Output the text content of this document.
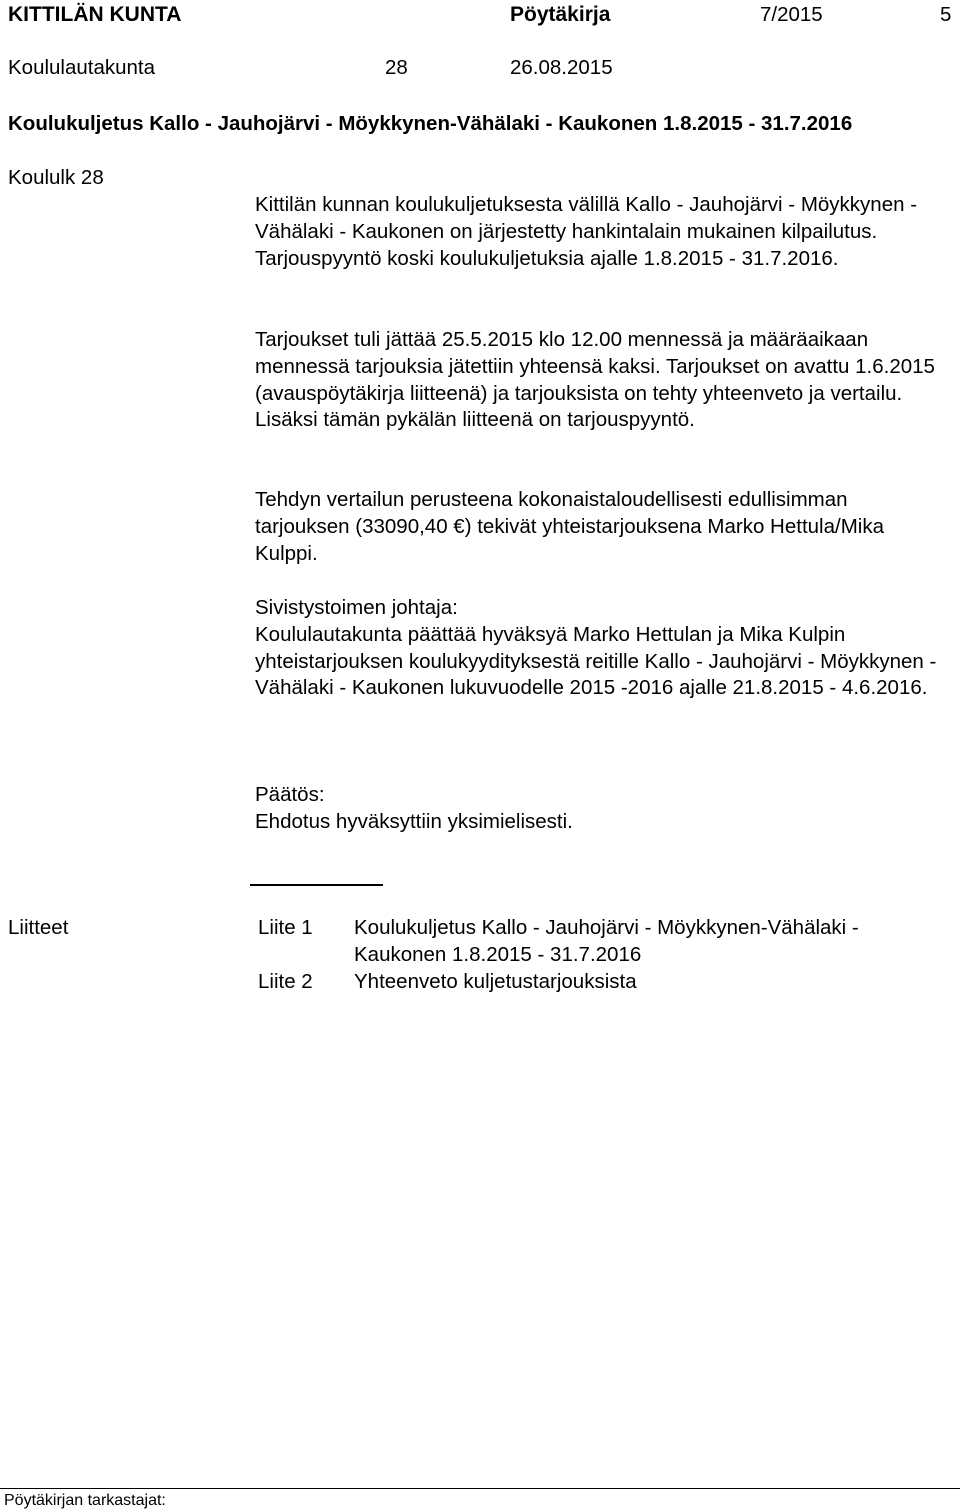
KITTILÄN KUNTA	Pöytäkirja	7/2015	5
Koululautakunta	28	26.08.2015
Koulukuljetus Kallo - Jauhojärvi - Möykkynen-Vähälaki - Kaukonen 1.8.2015 - 31.7.2016
Koululk 28

Kittilän kunnan koulukuljetuksesta välillä Kallo - Jauhojärvi - Möykkynen - Vähälaki - Kaukonen on järjestetty hankintalain mukainen kilpailutus. Tarjouspyyntö koski koulukuljetuksia ajalle 1.8.2015 - 31.7.2016.

Tarjoukset tuli jättää 25.5.2015 klo 12.00 mennessä ja määräaikaan mennessä tarjouksia jätettiin yhteensä kaksi. Tarjoukset on avattu 1.6.2015 (avauspöytäkirja liitteenä) ja tarjouksista on tehty yhteenveto ja vertailu. Lisäksi tämän pykälän liitteenä on tarjouspyyntö.

Tehdyn vertailun perusteena kokonaistaloudellisesti edullisimman tarjouksen (33090,40 €) tekivät yhteistarjouksena Marko Hettula/Mika Kulppi.

Sivistystoimen johtaja:

Koululautakunta päättää hyväksyä Marko Hettulan ja Mika Kulpin yhteistarjouksen koulukyydityksestä reitille Kallo - Jauhojärvi - Möykkynen - Vähälaki - Kaukonen lukuvuodelle 2015 -2016 ajalle 21.8.2015 - 4.6.2016.

Päätös:

Ehdotus hyväksyttiin yksimielisesti.

Liitteet	Liite 1 Koulukuljetus Kallo - Jauhojärvi - Möykkynen-Vähälaki -
Kaukonen 1.8.2015 - 31.7.2016
Liite 2 Yhteenveto kuljetustarjouksista
Pöytäkirjan tarkastajat:
